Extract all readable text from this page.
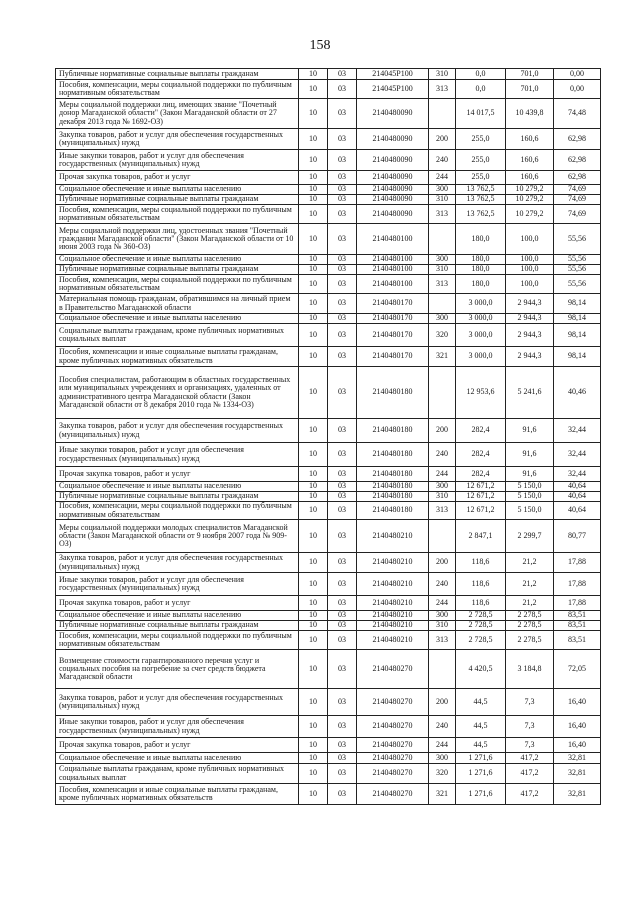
158
Публичные нормативные социальные выплаты гражданам	10	03	214045Р100	310	0,0	701,0	0,00
Пособия, компенсации, меры социальной поддержки по публичным нормативным обязательствам	10	03	214045Р100	313	0,0	701,0	0,00
Меры социальной поддержки лиц, имеющих звание "Почетный донор Магаданской области" (Закон Магаданской области от 27 декабря 2013 года № 1692-ОЗ)	10	03	2140480090		14 017,5	10 439,8	74,48
Закупка товаров, работ и услуг для обеспечения государственных (муниципальных) нужд	10	03	2140480090	200	255,0	160,6	62,98
Иные закупки товаров, работ и услуг для обеспечения государственных (муниципальных) нужд	10	03	2140480090	240	255,0	160,6	62,98
Прочая закупка товаров, работ и услуг	10	03	2140480090	244	255,0	160,6	62,98
Социальное обеспечение и иные выплаты населению	10	03	2140480090	300	13 762,5	10 279,2	74,69
Публичные нормативные социальные выплаты гражданам	10	03	2140480090	310	13 762,5	10 279,2	74,69
Пособия, компенсации, меры социальной поддержки по публичным нормативным обязательствам	10	03	2140480090	313	13 762,5	10 279,2	74,69
Меры социальной поддержки лиц, удостоенных звания "Почетный гражданин Магаданской области" (Закон Магаданской области от 10 июня 2003 года № 360-ОЗ)	10	03	2140480100		180,0	100,0	55,56
Социальное обеспечение и иные выплаты населению	10	03	2140480100	300	180,0	100,0	55,56
Публичные нормативные социальные выплаты гражданам	10	03	2140480100	310	180,0	100,0	55,56
Пособия, компенсации, меры социальной поддержки по публичным нормативным обязательствам	10	03	2140480100	313	180,0	100,0	55,56
Материальная помощь гражданам, обратившимся на личный прием в Правительство Магаданской области	10	03	2140480170		3 000,0	2 944,3	98,14
Социальное обеспечение и иные выплаты населению	10	03	2140480170	300	3 000,0	2 944,3	98,14
Социальные выплаты гражданам, кроме публичных нормативных социальных выплат	10	03	2140480170	320	3 000,0	2 944,3	98,14
Пособия, компенсации и иные социальные выплаты гражданам, кроме публичных нормативных обязательств	10	03	2140480170	321	3 000,0	2 944,3	98,14
Пособия специалистам, работающим в областных государственных или муниципальных учреждениях и организациях, удаленных от административного центра Магаданской области (Закон Магаданской области от 8 декабря 2010 года № 1334-ОЗ)	10	03	2140480180		12 953,6	5 241,6	40,46
Закупка товаров, работ и услуг для обеспечения государственных (муниципальных) нужд	10	03	2140480180	200	282,4	91,6	32,44
Иные закупки товаров, работ и услуг для обеспечения государственных (муниципальных) нужд	10	03	2140480180	240	282,4	91,6	32,44
Прочая закупка товаров, работ и услуг	10	03	2140480180	244	282,4	91,6	32,44
Социальное обеспечение и иные выплаты населению	10	03	2140480180	300	12 671,2	5 150,0	40,64
Публичные нормативные социальные выплаты гражданам	10	03	2140480180	310	12 671,2	5 150,0	40,64
Пособия, компенсации, меры социальной поддержки по публичным нормативным обязательствам	10	03	2140480180	313	12 671,2	5 150,0	40,64
Меры социальной поддержки молодых специалистов Магаданской области (Закон Магаданской области от 9 ноября 2007 года № 909-ОЗ)	10	03	2140480210		2 847,1	2 299,7	80,77
Закупка товаров, работ и услуг для обеспечения государственных (муниципальных) нужд	10	03	2140480210	200	118,6	21,2	17,88
Иные закупки товаров, работ и услуг для обеспечения государственных (муниципальных) нужд	10	03	2140480210	240	118,6	21,2	17,88
Прочая закупка товаров, работ и услуг	10	03	2140480210	244	118,6	21,2	17,88
Социальное обеспечение и иные выплаты населению	10	03	2140480210	300	2 728,5	2 278,5	83,51
Публичные нормативные социальные выплаты гражданам	10	03	2140480210	310	2 728,5	2 278,5	83,51
Пособия, компенсации, меры социальной поддержки по публичным нормативным обязательствам	10	03	2140480210	313	2 728,5	2 278,5	83,51
Возмещение стоимости гарантированного перечня услуг и социальных пособия на погребение за счет средств бюджета Магаданской области	10	03	2140480270		4 420,5	3 184,8	72,05
Закупка товаров, работ и услуг для обеспечения государственных (муниципальных) нужд	10	03	2140480270	200	44,5	7,3	16,40
Иные закупки товаров, работ и услуг для обеспечения государственных (муниципальных) нужд	10	03	2140480270	240	44,5	7,3	16,40
Прочая закупка товаров, работ и услуг	10	03	2140480270	244	44,5	7,3	16,40
Социальное обеспечение и иные выплаты населению	10	03	2140480270	300	1 271,6	417,2	32,81
Социальные выплаты гражданам, кроме публичных нормативных социальных выплат	10	03	2140480270	320	1 271,6	417,2	32,81
Пособия, компенсации и иные социальные выплаты гражданам, кроме публичных нормативных обязательств	10	03	2140480270	321	1 271,6	417,2	32,81
